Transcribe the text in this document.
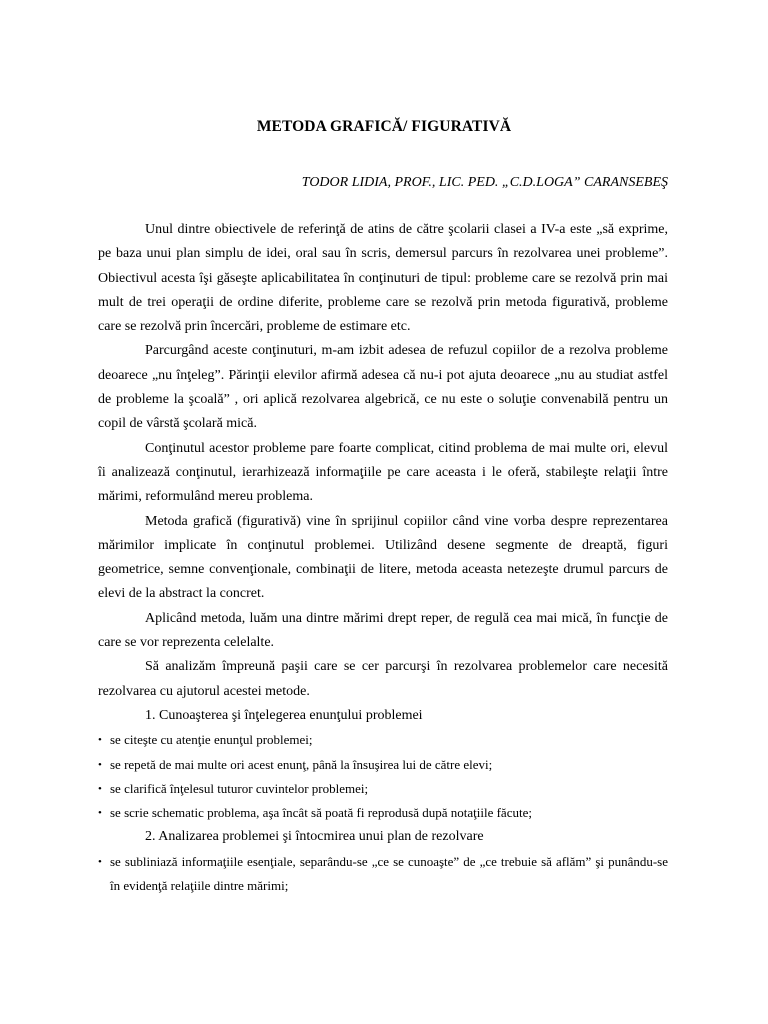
METODA GRAFICĂ/ FIGURATIVĂ
TODOR LIDIA, PROF., LIC. PED. „C.D.LOGA” CARANSEBEŞ

Unul dintre obiectivele de referinţă de atins de către şcolarii clasei a IV-a este „să exprime, pe baza unui plan simplu de idei, oral sau în scris, demersul parcurs în rezolvarea unei probleme”. Obiectivul acesta îşi găseşte aplicabilitatea în conţinuturi de tipul: probleme care se rezolvă prin mai mult de trei operaţii de ordine diferite, probleme care se rezolvă prin metoda figurativă, probleme care se rezolvă prin încercări, probleme de estimare etc.

Parcurgând aceste conţinuturi, m-am izbit adesea de refuzul copiilor de a rezolva probleme deoarece „nu înţeleg”. Părinţii elevilor afirmă adesea că nu-i pot ajuta deoarece „nu au studiat astfel de probleme la şcoală” , ori aplică rezolvarea algebrică, ce nu este o soluţie convenabilă pentru un copil de vârstă şcolară mică.

Conţinutul acestor probleme pare foarte complicat, citind problema de mai multe ori, elevul îi analizează conţinutul, ierarhizează informaţiile pe care aceasta i le oferă, stabileşte relaţii între mărimi, reformulând mereu problema.

Metoda grafică (figurativă) vine în sprijinul copiilor când vine vorba despre reprezentarea mărimilor implicate în conţinutul problemei. Utilizând desene segmente de dreaptă, figuri geometrice, semne convenţionale, combinaţii de litere, metoda aceasta netezeşte drumul parcurs de elevi de la abstract la concret.

Aplicând metoda, luăm una dintre mărimi drept reper, de regulă cea mai mică, în funcţie de care se vor reprezenta celelalte.

Să analizăm împreună paşii care se cer parcurşi în rezolvarea problemelor care necesită rezolvarea cu ajutorul acestei metode.

1. Cunoaşterea şi înţelegerea enunţului problemei

• se citeşte cu atenţie enunţul problemei;
• se repetă de mai multe ori acest enunţ, până la însuşirea lui de către elevi;
• se clarifică înţelesul tuturor cuvintelor problemei;
• se scrie schematic problema, aşa încât să poată fi reprodusă după notaţiile făcute;

2. Analizarea problemei şi întocmirea unui plan de rezolvare

• se subliniază informaţiile esenţiale, separându-se „ce se cunoaşte” de „ce trebuie să aflăm” şi punându-se în evidenţă relaţiile dintre mărimi;
